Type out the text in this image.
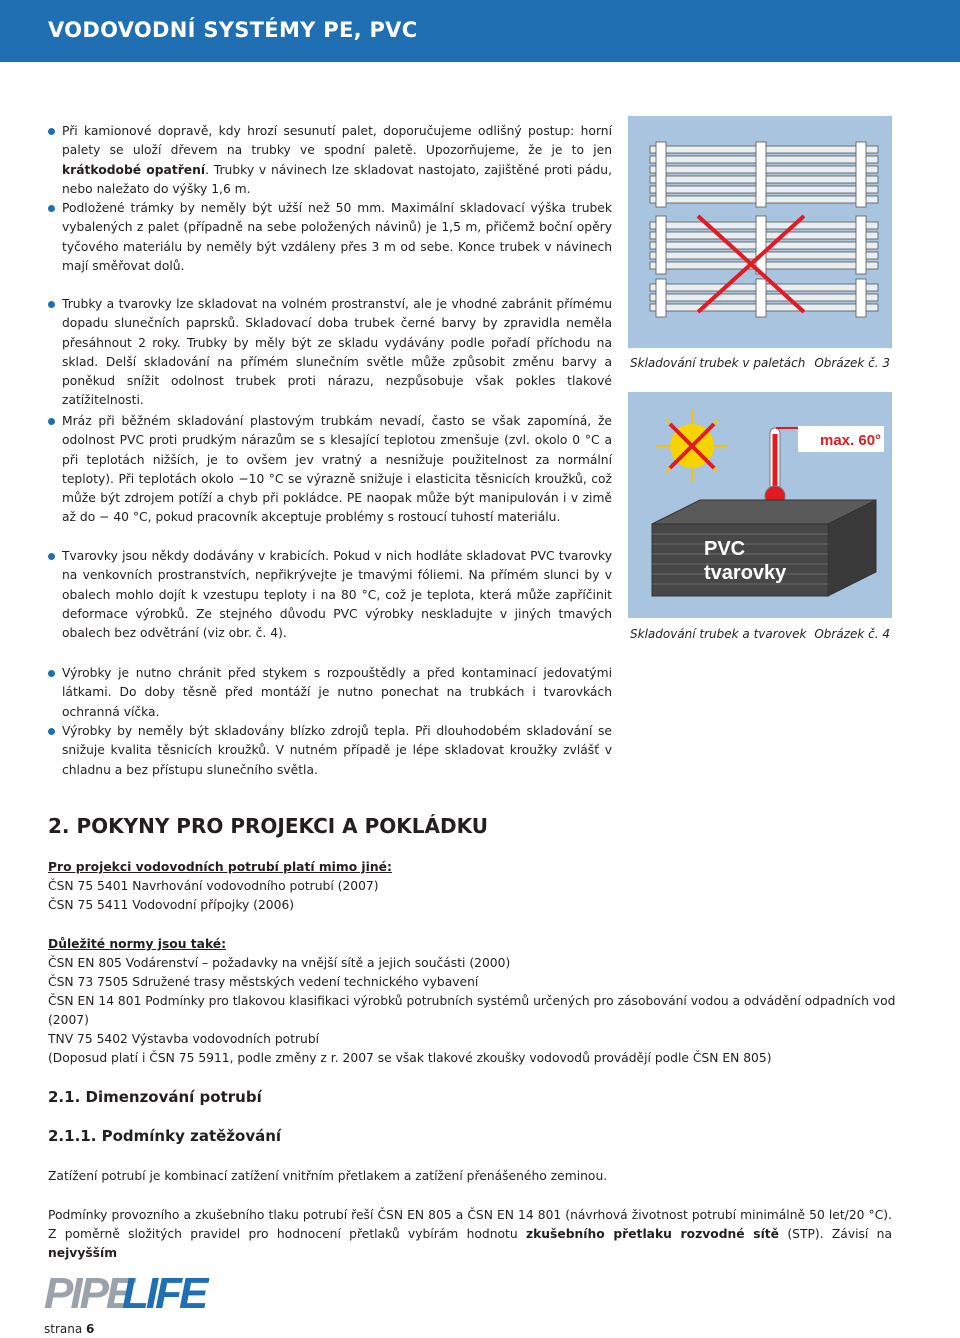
VODOVODNÍ SYSTÉMY PE, PVC

Při kamionové dopravě, kdy hrozí sesunutí palet, doporučujeme odlišný postup: horní palety se uloží dřevem na trubky ve spodní paletě. Upozorňujeme, že je to jen krátkodobé opatření. Trubky v návinech lze skladovat nastojato, zajištěné proti pádu, nebo naležato do výšky 1,6 m.

Podložené trámky by neměly být užší než 50 mm. Maximální skladovací výška trubek vybalených z palet (případně na sebe položených návinů) je 1,5 m, přičemž boční opěry tyčového materiálu by neměly být vzdáleny přes 3 m od sebe. Konce trubek v návinech mají směřovat dolů.

Trubky a tvarovky lze skladovat na volném prostranství, ale je vhodné zabránit přímému dopadu slunečních paprsků. Skladovací doba trubek černé barvy by zpravidla neměla přesáhnout 2 roky. Trubky by měly být ze skladu vydávány podle pořadí příchodu na sklad. Delší skladování na přímém slunečním světle může způsobit změnu barvy a poněkud snížit odolnost trubek proti nárazu, nezpůsobuje však pokles tlakové zatížitelnosti.

Mráz při běžném skladování plastovým trubkám nevadí, často se však zapomíná, že odolnost PVC proti prudkým nárazům se s klesající teplotou zmenšuje (zvl. okolo 0 °C a při teplotách nižších, je to ovšem jev vratný a nesnižuje použitelnost za normální teploty). Při teplotách okolo −10 °C se výrazně snižuje i elasticita těsnicích kroužků, což může být zdrojem potíží a chyb při pokládce. PE naopak může být manipulován i v zimě až do − 40 °C, pokud pracovník akceptuje problémy s rostoucí tuhostí materiálu.

Tvarovky jsou někdy dodávány v krabicích. Pokud v nich hodláte skladovat PVC tvarovky na venkovních prostranstvích, nepřikrývejte je tmavými fóliemi. Na přímém slunci by v obalech mohlo dojít k vzestupu teploty i na 80 °C, což je teplota, která může zapříčinit deformace výrobků. Ze stejného důvodu PVC výrobky neskladujte v jiných tmavých obalech bez odvětrání (viz obr. č. 4).

Výrobky je nutno chránit před stykem s rozpouštědly a před kontaminací jedovatými látkami. Do doby těsně před montáží je nutno ponechat na trubkách i tvarovkách ochranná víčka.

Výrobky by neměly být skladovány blízko zdrojů tepla. Při dlouhodobém skladování se snižuje kvalita těsnicích kroužků. V nutném případě je lépe skladovat kroužky zvlášť v chladnu a bez přístupu slunečního světla.

Skladování trubek v paletách Obrázek č. 3
max. 60°
PVC
tvarovky
Skladování trubek a tvarovek Obrázek č. 4
2. POKYNY PRO PROJEKCI A POKLÁDKU
Pro projekci vodovodních potrubí platí mimo jiné:
ČSN 75 5401 Navrhování vodovodního potrubí (2007)
ČSN 75 5411 Vodovodní přípojky (2006)
Důležité normy jsou také:
ČSN EN 805 Vodárenství – požadavky na vnější sítě a jejich součásti (2000)
ČSN 73 7505 Sdružené trasy městských vedení technického vybavení
ČSN EN 14 801 Podmínky pro tlakovou klasifikaci výrobků potrubních systémů určených pro zásobování vodou a odvádění odpadních vod
(2007)
TNV 75 5402 Výstavba vodovodních potrubí
(Doposud platí i ČSN 75 5911, podle změny z r. 2007 se však tlakové zkoušky vodovodů provádějí podle ČSN EN 805)
2.1. Dimenzování potrubí
2.1.1. Podmínky zatěžování
Zatížení potrubí je kombinací zatížení vnitřním přetlakem a zatížení přenášeného zeminou.
Podmínky provozního a zkušebního tlaku potrubí řeší ČSN EN 805 a ČSN EN 14 801 (návrhová životnost potrubí minimálně 50 let/20 °C). Z poměrně složitých pravidel pro hodnocení přetlaků vybírám hodnotu zkušebního přetlaku rozvodné sítě (STP). Závisí na nejvyšším
PIPE
LIFE
strana 6
